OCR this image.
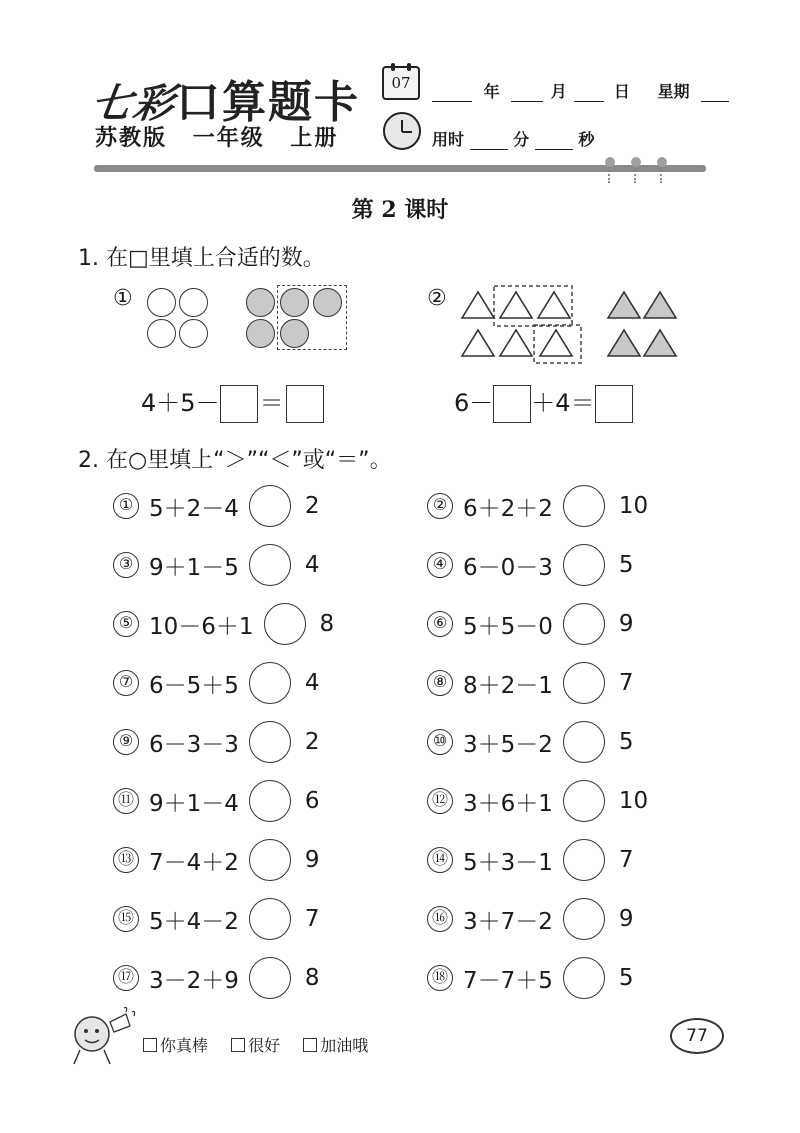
七彩口算题卡
苏教版 一年级 上册
07	年	月	日 星期
用时	分	秒
第 2 课时
1. 在□里填上合适的数。
①	②
4＋5－ ＝	6－ ＋4＝
2. 在○里填上“＞”“＜”或“＝”。
① 5＋2－4	2
③ 9＋1－5	4
⑤ 10－6＋1	8
⑦ 6－5＋5	4
⑨ 6－3－3	2
⑪ 9＋1－4	6
⑬ 7－4＋2	9
⑮ 5＋4－2	7
⑰ 3－2＋9	8
② 6＋2＋2	10
④ 6－0－3	5
⑥ 5＋5－0	9
⑧ 8＋2－1	7
⑩ 3＋5－2	5
⑫ 3＋6＋1	10
⑭ 5＋3－1	7
⑯ 3＋7－2	9
⑱ 7－7＋5	5
你真棒	很好	加油哦	77
